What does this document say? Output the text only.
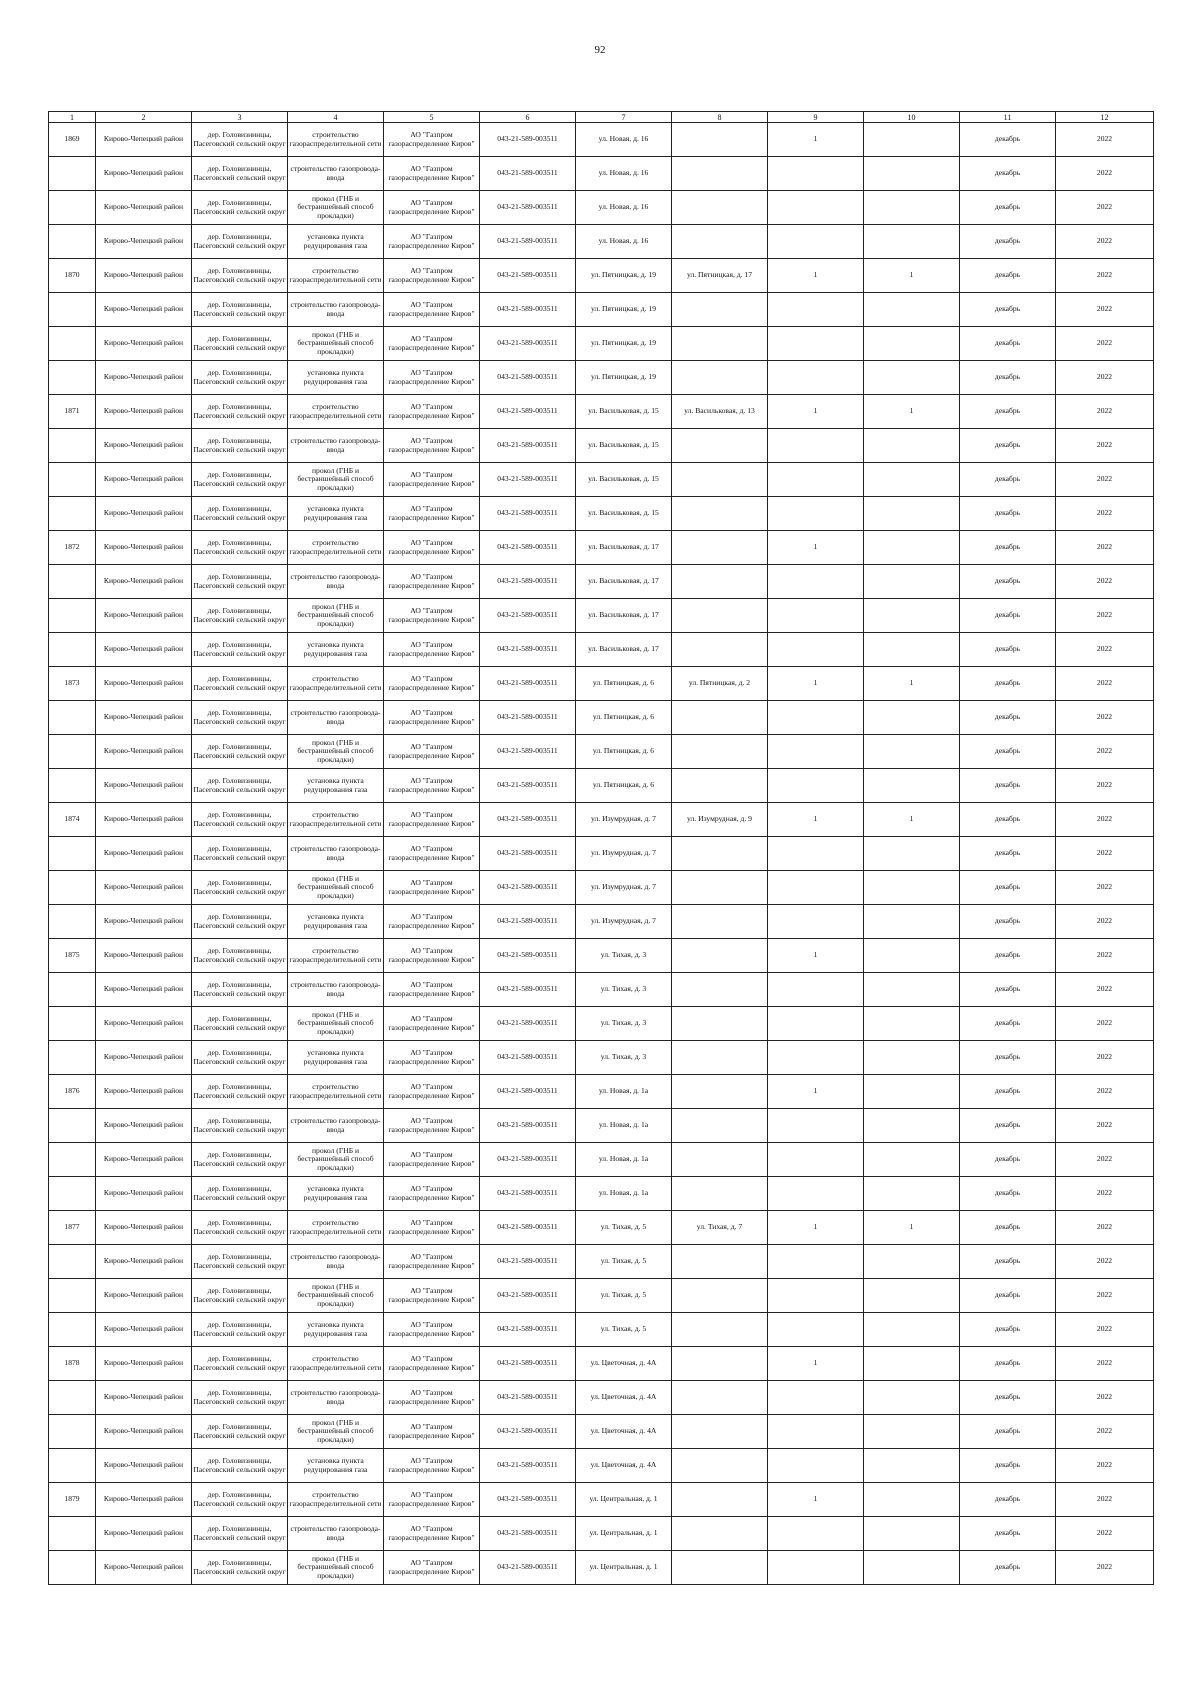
92
1	2	3	4	5	6	7	8	9	10	11	12

1869	Кирово-Чепецкий район	дер. Головизнинцы, Пасеговский сельский округ	строительство газораспределительной сети	АО "Газпром газораспределение Киров"	043-21-589-003511	ул. Новая, д. 16		1		декабрь	2022

	Кирово-Чепецкий район	дер. Головизнинцы, Пасеговский сельский округ	строительство газопровода-ввода	АО "Газпром газораспределение Киров"	043-21-589-003511	ул. Новая, д. 16				декабрь	2022

	Кирово-Чепецкий район	дер. Головизнинцы, Пасеговский сельский округ	прокол (ГНБ и бестраншейный способ прокладки)	АО "Газпром газораспределение Киров"	043-21-589-003511	ул. Новая, д. 16				декабрь	2022

	Кирово-Чепецкий район	дер. Головизнинцы, Пасеговский сельский округ	установка пункта редуцирования газа	АО "Газпром газораспределение Киров"	043-21-589-003511	ул. Новая, д. 16				декабрь	2022

1870	Кирово-Чепецкий район	дер. Головизнинцы, Пасеговский сельский округ	строительство газораспределительной сети	АО "Газпром газораспределение Киров"	043-21-589-003511	ул. Пятницкая, д. 19	ул. Пятницкая, д. 17	1	1	декабрь	2022

	Кирово-Чепецкий район	дер. Головизнинцы, Пасеговский сельский округ	строительство газопровода-ввода	АО "Газпром газораспределение Киров"	043-21-589-003511	ул. Пятницкая, д. 19				декабрь	2022

	Кирово-Чепецкий район	дер. Головизнинцы, Пасеговский сельский округ	прокол (ГНБ и бестраншейный способ прокладки)	АО "Газпром газораспределение Киров"	043-21-589-003511	ул. Пятницкая, д. 19				декабрь	2022

	Кирово-Чепецкий район	дер. Головизнинцы, Пасеговский сельский округ	установка пункта редуцирования газа	АО "Газпром газораспределение Киров"	043-21-589-003511	ул. Пятницкая, д. 19				декабрь	2022

1871	Кирово-Чепецкий район	дер. Головизнинцы, Пасеговский сельский округ	строительство газораспределительной сети	АО "Газпром газораспределение Киров"	043-21-589-003511	ул. Васильковая, д. 15	ул. Васильковая, д. 13	1	1	декабрь	2022

	Кирово-Чепецкий район	дер. Головизнинцы, Пасеговский сельский округ	строительство газопровода-ввода	АО "Газпром газораспределение Киров"	043-21-589-003511	ул. Васильковая, д. 15				декабрь	2022

	Кирово-Чепецкий район	дер. Головизнинцы, Пасеговский сельский округ	прокол (ГНБ и бестраншейный способ прокладки)	АО "Газпром газораспределение Киров"	043-21-589-003511	ул. Васильковая, д. 15				декабрь	2022

	Кирово-Чепецкий район	дер. Головизнинцы, Пасеговский сельский округ	установка пункта редуцирования газа	АО "Газпром газораспределение Киров"	043-21-589-003511	ул. Васильковая, д. 15				декабрь	2022

1872	Кирово-Чепецкий район	дер. Головизнинцы, Пасеговский сельский округ	строительство газораспределительной сети	АО "Газпром газораспределение Киров"	043-21-589-003511	ул. Васильковая, д. 17		1		декабрь	2022

	Кирово-Чепецкий район	дер. Головизнинцы, Пасеговский сельский округ	строительство газопровода-ввода	АО "Газпром газораспределение Киров"	043-21-589-003511	ул. Васильковая, д. 17				декабрь	2022

	Кирово-Чепецкий район	дер. Головизнинцы, Пасеговский сельский округ	прокол (ГНБ и бестраншейный способ прокладки)	АО "Газпром газораспределение Киров"	043-21-589-003511	ул. Васильковая, д. 17				декабрь	2022

	Кирово-Чепецкий район	дер. Головизнинцы, Пасеговский сельский округ	установка пункта редуцирования газа	АО "Газпром газораспределение Киров"	043-21-589-003511	ул. Васильковая, д. 17				декабрь	2022

1873	Кирово-Чепецкий район	дер. Головизнинцы, Пасеговский сельский округ	строительство газораспределительной сети	АО "Газпром газораспределение Киров"	043-21-589-003511	ул. Пятницкая, д. 6	ул. Пятницкая, д. 2	1	1	декабрь	2022

	Кирово-Чепецкий район	дер. Головизнинцы, Пасеговский сельский округ	строительство газопровода-ввода	АО "Газпром газораспределение Киров"	043-21-589-003511	ул. Пятницкая, д. 6				декабрь	2022

	Кирово-Чепецкий район	дер. Головизнинцы, Пасеговский сельский округ	прокол (ГНБ и бестраншейный способ прокладки)	АО "Газпром газораспределение Киров"	043-21-589-003511	ул. Пятницкая, д. 6				декабрь	2022

	Кирово-Чепецкий район	дер. Головизнинцы, Пасеговский сельский округ	установка пункта редуцирования газа	АО "Газпром газораспределение Киров"	043-21-589-003511	ул. Пятницкая, д. 6				декабрь	2022

1874	Кирово-Чепецкий район	дер. Головизнинцы, Пасеговский сельский округ	строительство газораспределительной сети	АО "Газпром газораспределение Киров"	043-21-589-003511	ул. Изумрудная, д. 7	ул. Изумрудная, д. 9	1	1	декабрь	2022

	Кирово-Чепецкий район	дер. Головизнинцы, Пасеговский сельский округ	строительство газопровода-ввода	АО "Газпром газораспределение Киров"	043-21-589-003511	ул. Изумрудная, д. 7				декабрь	2022

	Кирово-Чепецкий район	дер. Головизнинцы, Пасеговский сельский округ	прокол (ГНБ и бестраншейный способ прокладки)	АО "Газпром газораспределение Киров"	043-21-589-003511	ул. Изумрудная, д. 7				декабрь	2022

	Кирово-Чепецкий район	дер. Головизнинцы, Пасеговский сельский округ	установка пункта редуцирования газа	АО "Газпром газораспределение Киров"	043-21-589-003511	ул. Изумрудная, д. 7				декабрь	2022

1875	Кирово-Чепецкий район	дер. Головизнинцы, Пасеговский сельский округ	строительство газораспределительной сети	АО "Газпром газораспределение Киров"	043-21-589-003511	ул. Тихая, д. 3		1		декабрь	2022

	Кирово-Чепецкий район	дер. Головизнинцы, Пасеговский сельский округ	строительство газопровода-ввода	АО "Газпром газораспределение Киров"	043-21-589-003511	ул. Тихая, д. 3				декабрь	2022

	Кирово-Чепецкий район	дер. Головизнинцы, Пасеговский сельский округ	прокол (ГНБ и бестраншейный способ прокладки)	АО "Газпром газораспределение Киров"	043-21-589-003511	ул. Тихая, д. 3				декабрь	2022

	Кирово-Чепецкий район	дер. Головизнинцы, Пасеговский сельский округ	установка пункта редуцирования газа	АО "Газпром газораспределение Киров"	043-21-589-003511	ул. Тихая, д. 3				декабрь	2022

1876	Кирово-Чепецкий район	дер. Головизнинцы, Пасеговский сельский округ	строительство газораспределительной сети	АО "Газпром газораспределение Киров"	043-21-589-003511	ул. Новая, д. 1а		1		декабрь	2022

	Кирово-Чепецкий район	дер. Головизнинцы, Пасеговский сельский округ	строительство газопровода-ввода	АО "Газпром газораспределение Киров"	043-21-589-003511	ул. Новая, д. 1а				декабрь	2022

	Кирово-Чепецкий район	дер. Головизнинцы, Пасеговский сельский округ	прокол (ГНБ и бестраншейный способ прокладки)	АО "Газпром газораспределение Киров"	043-21-589-003511	ул. Новая, д. 1а				декабрь	2022

	Кирово-Чепецкий район	дер. Головизнинцы, Пасеговский сельский округ	установка пункта редуцирования газа	АО "Газпром газораспределение Киров"	043-21-589-003511	ул. Новая, д. 1а				декабрь	2022

1877	Кирово-Чепецкий район	дер. Головизнинцы, Пасеговский сельский округ	строительство газораспределительной сети	АО "Газпром газораспределение Киров"	043-21-589-003511	ул. Тихая, д. 5	ул. Тихая, д. 7	1	1	декабрь	2022

	Кирово-Чепецкий район	дер. Головизнинцы, Пасеговский сельский округ	строительство газопровода-ввода	АО "Газпром газораспределение Киров"	043-21-589-003511	ул. Тихая, д. 5				декабрь	2022

	Кирово-Чепецкий район	дер. Головизнинцы, Пасеговский сельский округ	прокол (ГНБ и бестраншейный способ прокладки)	АО "Газпром газораспределение Киров"	043-21-589-003511	ул. Тихая, д. 5				декабрь	2022

	Кирово-Чепецкий район	дер. Головизнинцы, Пасеговский сельский округ	установка пункта редуцирования газа	АО "Газпром газораспределение Киров"	043-21-589-003511	ул. Тихая, д. 5				декабрь	2022

1878	Кирово-Чепецкий район	дер. Головизнинцы, Пасеговский сельский округ	строительство газораспределительной сети	АО "Газпром газораспределение Киров"	043-21-589-003511	ул. Цветочная, д. 4А		1		декабрь	2022

	Кирово-Чепецкий район	дер. Головизнинцы, Пасеговский сельский округ	строительство газопровода-ввода	АО "Газпром газораспределение Киров"	043-21-589-003511	ул. Цветочная, д. 4А				декабрь	2022

	Кирово-Чепецкий район	дер. Головизнинцы, Пасеговский сельский округ	прокол (ГНБ и бестраншейный способ прокладки)	АО "Газпром газораспределение Киров"	043-21-589-003511	ул. Цветочная, д. 4А				декабрь	2022

	Кирово-Чепецкий район	дер. Головизнинцы, Пасеговский сельский округ	установка пункта редуцирования газа	АО "Газпром газораспределение Киров"	043-21-589-003511	ул. Цветочная, д. 4А				декабрь	2022

1879	Кирово-Чепецкий район	дер. Головизнинцы, Пасеговский сельский округ	строительство газораспределительной сети	АО "Газпром газораспределение Киров"	043-21-589-003511	ул. Центральная, д. 1		1		декабрь	2022

	Кирово-Чепецкий район	дер. Головизнинцы, Пасеговский сельский округ	строительство газопровода-ввода	АО "Газпром газораспределение Киров"	043-21-589-003511	ул. Центральная, д. 1				декабрь	2022

	Кирово-Чепецкий район	дер. Головизнинцы, Пасеговский сельский округ	прокол (ГНБ и бестраншейный способ прокладки)	АО "Газпром газораспределение Киров"	043-21-589-003511	ул. Центральная, д. 1				декабрь	2022
